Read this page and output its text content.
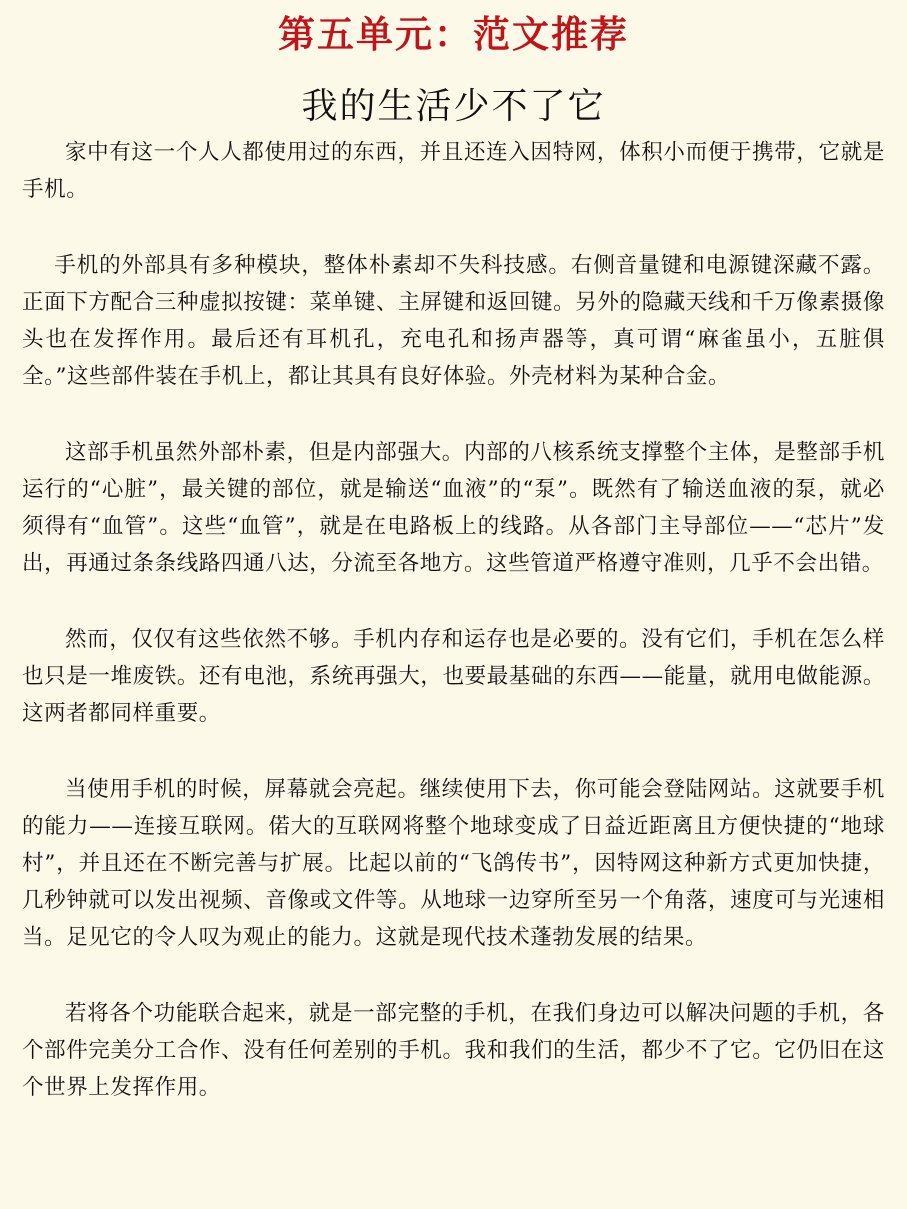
第五单元：范文推荐
我的生活少不了它

家中有这一个人人都使用过的东西，并且还连入因特网，体积小而便于携带，它就是手机。

手机的外部具有多种模块，整体朴素却不失科技感。右侧音量键和电源键深藏不露。正面下方配合三种虚拟按键：菜单键、主屏键和返回键。另外的隐藏天线和千万像素摄像头也在发挥作用。最后还有耳机孔，充电孔和扬声器等，真可谓“麻雀虽小，五脏俱全。”这些部件装在手机上，都让其具有良好体验。外壳材料为某种合金。

这部手机虽然外部朴素，但是内部强大。内部的八核系统支撑整个主体，是整部手机运行的“心脏”，最关键的部位，就是输送“血液”的“泵”。既然有了输送血液的泵，就必须得有“血管”。这些“血管”，就是在电路板上的线路。从各部门主导部位——“芯片”发出，再通过条条线路四通八达，分流至各地方。这些管道严格遵守准则，几乎不会出错。

然而，仅仅有这些依然不够。手机内存和运存也是必要的。没有它们，手机在怎么样也只是一堆废铁。还有电池，系统再强大，也要最基础的东西——能量，就用电做能源。这两者都同样重要。

当使用手机的时候，屏幕就会亮起。继续使用下去，你可能会登陆网站。这就要手机的能力——连接互联网。偌大的互联网将整个地球变成了日益近距离且方便快捷的“地球村”，并且还在不断完善与扩展。比起以前的“飞鸽传书”，因特网这种新方式更加快捷，几秒钟就可以发出视频、音像或文件等。从地球一边穿所至另一个角落，速度可与光速相当。足见它的令人叹为观止的能力。这就是现代技术蓬勃发展的结果。

若将各个功能联合起来，就是一部完整的手机，在我们身边可以解决问题的手机，各个部件完美分工合作、没有任何差别的手机。我和我们的生活，都少不了它。它仍旧在这个世界上发挥作用。
